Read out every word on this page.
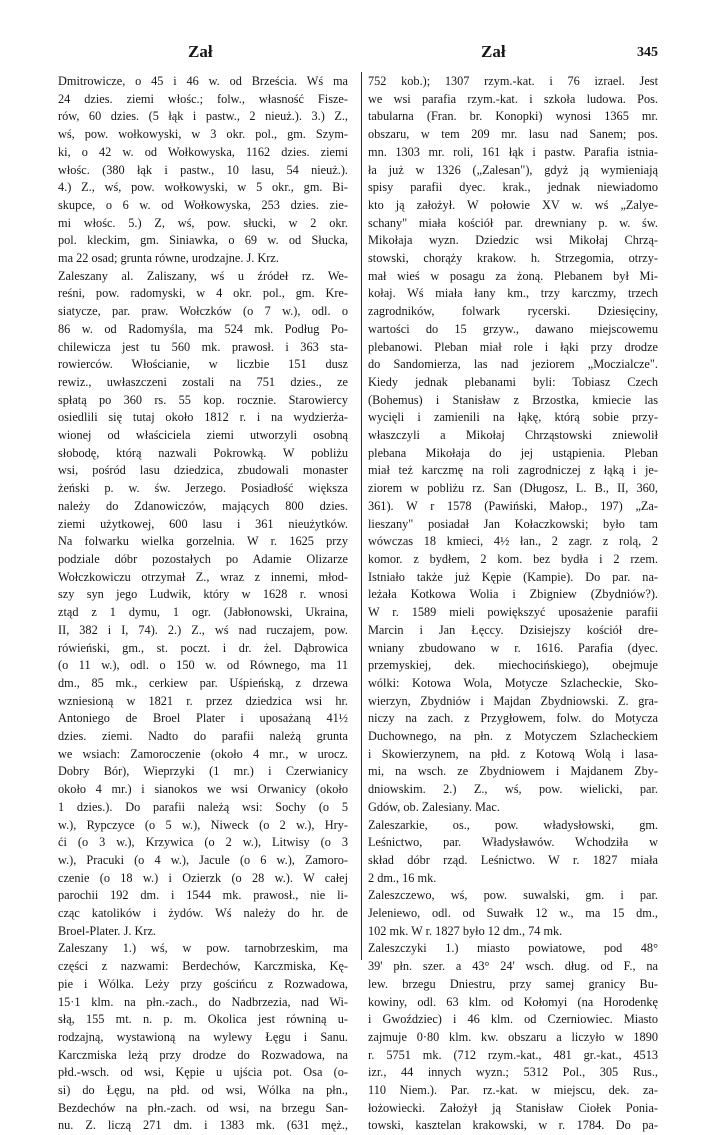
Zał	Zał	345
Dmitrowicze, o 45 i 46 w. od Brześcia. Wś ma
24 dzies. ziemi włośc.; folw., własność Fisze-
rów, 60 dzies. (5 łąk i pastw., 2 nieuż.). 3.) Z.,
wś, pow. wołkowyski, w 3 okr. pol., gm. Szym-
ki, o 42 w. od Wołkowyska, 1162 dzies. ziemi
włośc. (380 łąk i pastw., 10 lasu, 54 nieuż.).
4.) Z., wś, pow. wołkowyski, w 5 okr., gm. Bi-
skupce, o 6 w. od Wołkowyska, 253 dzies. zie-
mi włośc. 5.) Z, wś, pow. słucki, w 2 okr.
pol. kleckim, gm. Siniawka, o 69 w. od Słucka,
ma 22 osad; grunta równe, urodzajne. J. Krz.
Zaleszany al. Zaliszany, wś u źródeł rz. We-
reśni, pow. radomyski, w 4 okr. pol., gm. Kre-
siatycze, par. praw. Wołczków (o 7 w.), odl. o
86 w. od Radomyśla, ma 524 mk. Podług Po-
chilewicza jest tu 560 mk. prawosł. i 363 sta-
rowierców. Włościanie, w liczbie 151 dusz
rewiz., uwłaszczeni zostali na 751 dzies., ze
spłatą po 360 rs. 55 kop. rocznie. Starowiercy
osiedlili się tutaj około 1812 r. i na wydzierża-
wionej od właściciela ziemi utworzyli osobną
słobodę, którą nazwali Pokrowką. W pobliżu
wsi, pośród lasu dziedzica, zbudowali monaster
żeński p. w. św. Jerzego. Posiadłość większa
należy do Zdanowiczów, mających 800 dzies.
ziemi użytkowej, 600 lasu i 361 nieużytków.
Na folwarku wielka gorzelnia. W r. 1625 przy
podziale dóbr pozostałych po Adamie Olizarze
Wołczkowiczu otrzymał Z., wraz z innemi, młod-
szy syn jego Ludwik, który w 1628 r. wnosi
ztąd z 1 dymu, 1 ogr. (Jabłonowski, Ukraina,
II, 382 i I, 74). 2.) Z., wś nad ruczajem, pow.
rówieński, gm., st. poczt. i dr. żel. Dąbrowica
(o 11 w.), odl. o 150 w. od Równego, ma 11
dm., 85 mk., cerkiew par. Uśpieńską, z drzewa
wzniesioną w 1821 r. przez dziedzica wsi hr.
Antoniego de Broel Plater i uposażaną 41½
dzies. ziemi. Nadto do parafii należą grunta
we wsiach: Zamoroczenie (około 4 mr., w urocz.
Dobry Bór), Wieprzyki (1 mr.) i Czerwianicy
około 4 mr.) i sianokos we wsi Orwanicy (około
1 dzies.). Do parafii należą wsi: Sochy (o 5
w.), Rypczyce (o 5 w.), Niweck (o 2 w.), Hry-
ći (o 3 w.), Krzywica (o 2 w.), Litwisy (o 3
w.), Pracuki (o 4 w.), Jacule (o 6 w.), Zamoro-
czenie (o 18 w.) i Ozierzk (o 28 w.). W całej
parochii 192 dm. i 1544 mk. prawosł., nie li-
cząc katolików i żydów. Wś należy do hr. de
Broel-Plater. J. Krz.
Zaleszany 1.) wś, w pow. tarnobrzeskim, ma
części z nazwami: Berdechów, Karczmiska, Kę-
pie i Wólka. Leży przy gościńcu z Rozwadowa,
15·1 klm. na płn.-zach., do Nadbrzezia, nad Wi-
słą, 155 mt. n. p. m. Okolica jest równiną u-
rodzajną, wystawioną na wylewy Łęgu i Sanu.
Karczmiska leżą przy drodze do Rozwadowa, na
płd.-wsch. od wsi, Kępie u ujścia pot. Osa (o-
si) do Łęgu, na płd. od wsi, Wólka na płn.,
Bezdechów na płn.-zach. od wsi, na brzegu San-
nu. Z. liczą 271 dm. i 1383 mk. (631 męż.,
752 kob.); 1307 rzym.-kat. i 76 izrael. Jest
we wsi parafia rzym.-kat. i szkoła ludowa. Pos.
tabularna (Fran. br. Konopki) wynosi 1365 mr.
obszaru, w tem 209 mr. lasu nad Sanem; pos.
mn. 1303 mr. roli, 161 łąk i pastw. Parafia istnia-
ła już w 1326 („Zalesan"), gdyż ją wymieniają
spisy parafii dyec. krak., jednak niewiadomo
kto ją założył. W połowie XV w. wś „Zalye-
schany" miała kościół par. drewniany p. w. św.
Mikołaja wyzn. Dziedzic wsi Mikołaj Chrzą-
stowski, chorąży krakow. h. Strzegomia, otrzy-
mał wieś w posagu za żoną. Plebanem był Mi-
kołaj. Wś miała łany km., trzy karczmy, trzech
zagrodników, folwark rycerski. Dziesięciny,
wartości do 15 grzyw., dawano miejscowemu
plebanowi. Pleban miał role i łąki przy drodze
do Sandomierza, las nad jeziorem „Moczialcze".
Kiedy jednak plebanami byli: Tobiasz Czech
(Bohemus) i Stanisław z Brzostka, kmiecie las
wycięli i zamienili na łąkę, którą sobie przy-
właszczyli a Mikołaj Chrząstowski zniewolił
plebana Mikołaja do jej ustąpienia. Pleban
miał też karczmę na roli zagrodniczej z łąką i je-
ziorem w pobliżu rz. San (Długosz, L. B., II, 360,
361). W r 1578 (Pawiński, Małop., 197) „Za-
lieszany" posiadał Jan Kołaczkowski; było tam
wówczas 18 kmieci, 4½ łan., 2 zagr. z rolą, 2
komor. z bydłem, 2 kom. bez bydła i 2 rzem.
Istniało także już Kępie (Kampie). Do par. na-
leżała Kotkowa Wolia i Zbigniew (Zbydniów?).
W r. 1589 mieli powiększyć uposażenie parafii
Marcin i Jan Łęccy. Dzisiejszy kościół dre-
wniany zbudowano w r. 1616. Parafia (dyec.
przemyskiej, dek. miechocińskiego), obejmuje
wólki: Kotowa Wola, Motycze Szlacheckie, Sko-
wierzyn, Zbydniów i Majdan Zbydniowski. Z. gra-
niczy na zach. z Przygłowem, folw. do Motycza
Duchownego, na płn. z Motyczem Szlacheckiem
i Skowierzynem, na płd. z Kotową Wolą i lasa-
mi, na wsch. ze Zbydniowem i Majdanem Zby-
dniowskim. 2.) Z., wś, pow. wielicki, par.
Gdów, ob. Zalesiany. Mac.
Zaleszarkie, os., pow. władysłowski, gm.
Leśnictwo, par. Władysławów. Wchodziła w
skład dóbr rząd. Leśnictwo. W r. 1827 miała
2 dm., 16 mk.
Zaleszczewo, wś, pow. suwalski, gm. i par.
Jeleniewo, odl. od Suwałk 12 w., ma 15 dm.,
102 mk. W r. 1827 było 12 dm., 74 mk.
Zaleszczyki 1.) miasto powiatowe, pod 48°
39' płn. szer. a 43° 24' wsch. dług. od F., na
lew. brzegu Dniestru, przy samej granicy Bu-
kowiny, odl. 63 klm. od Kołomyi (na Horodenkę
i Gwoździec) i 46 klm. od Czerniowiec. Miasto
zajmuje 0·80 klm. kw. obszaru a liczyło w 1890
r. 5751 mk. (712 rzym.-kat., 481 gr.-kat., 4513
izr., 44 innych wyzn.; 5312 Pol., 305 Rus.,
110 Niem.). Par. rz.-kat. w miejscu, dek. za-
łożowiecki. Założył ją Stanisław Ciołek Ponia-
towski, kasztelan krakowski, w r. 1784. Do pa-
